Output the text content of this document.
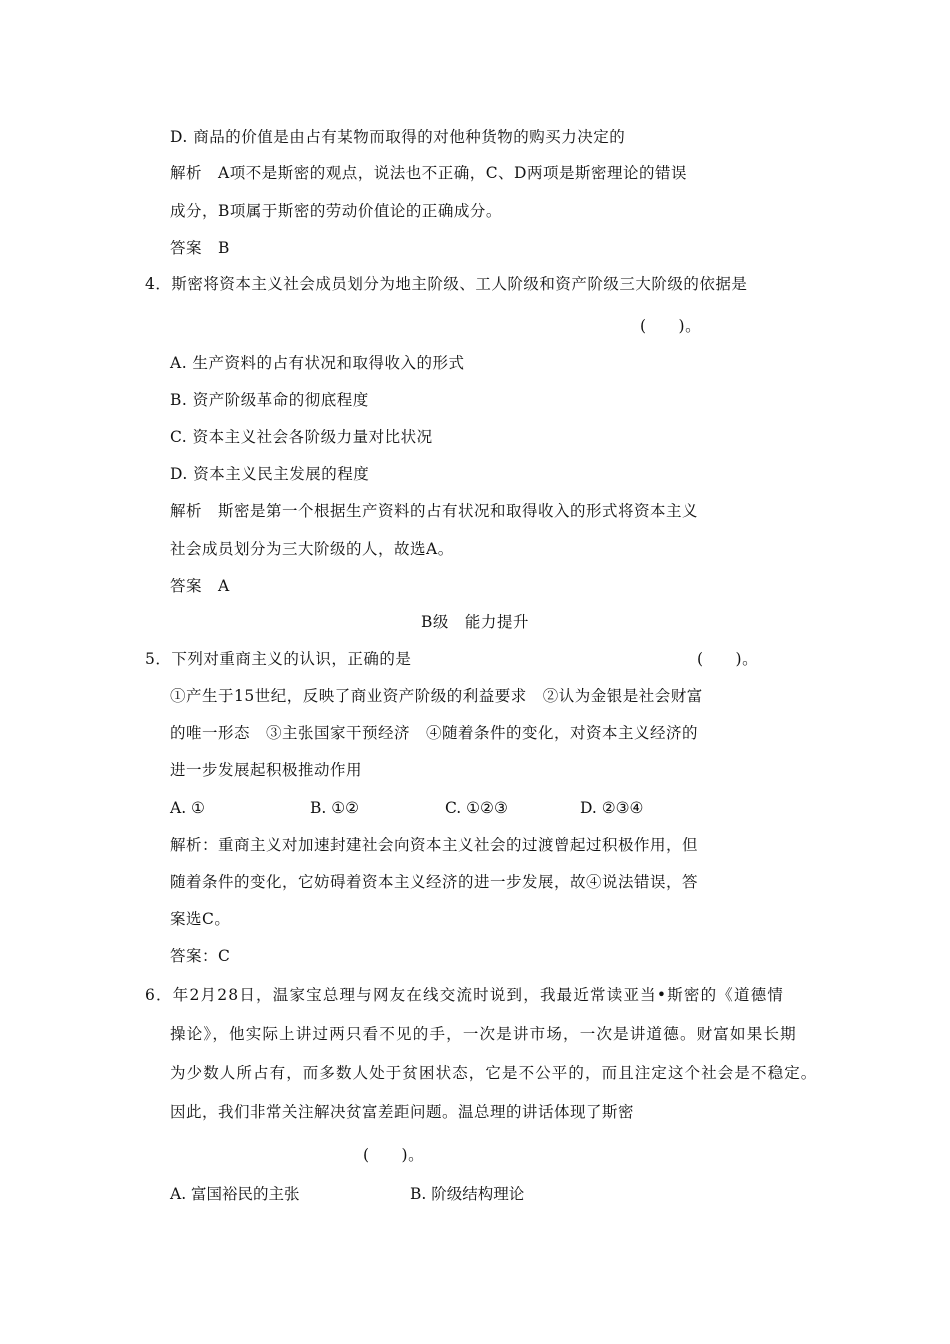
D. 商品的价值是由占有某物而取得的对他种货物的购买力决定的
解析　A项不是斯密的观点，说法也不正确，C、D两项是斯密理论的错误
成分，B项属于斯密的劳动价值论的正确成分。
答案　B
4．斯密将资本主义社会成员划分为地主阶级、工人阶级和资产阶级三大阶级的依据是
(　　)。
A. 生产资料的占有状况和取得收入的形式
B. 资产阶级革命的彻底程度
C. 资本主义社会各阶级力量对比状况
D. 资本主义民主发展的程度
解析　斯密是第一个根据生产资料的占有状况和取得收入的形式将资本主义
社会成员划分为三大阶级的人，故选A。
答案　A
B级　能力提升
5．下列对重商主义的认识，正确的是	(　　)。
①产生于15世纪，反映了商业资产阶级的利益要求　②认为金银是社会财富
的唯一形态　③主张国家干预经济　④随着条件的变化，对资本主义经济的
进一步发展起积极推动作用
A. ①	B. ①②	C. ①②③	D. ②③④
解析：重商主义对加速封建社会向资本主义社会的过渡曾起过积极作用，但
随着条件的变化，它妨碍着资本主义经济的进一步发展，故④说法错误，答
案选C。
答案：C
6．年2月28日，温家宝总理与网友在线交流时说到，我最近常读亚当•斯密的《道德情
操论》，他实际上讲过两只看不见的手，一次是讲市场，一次是讲道德。财富如果长期
为少数人所占有，而多数人处于贫困状态，它是不公平的，而且注定这个社会是不稳定。
因此，我们非常关注解决贫富差距问题。温总理的讲话体现了斯密
(　　)。
A. 富国裕民的主张	B. 阶级结构理论
